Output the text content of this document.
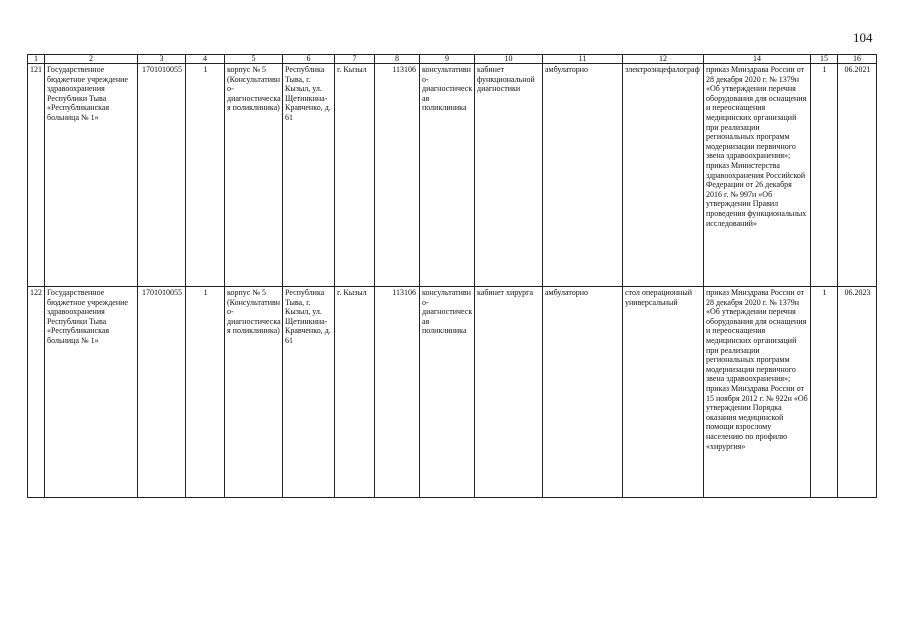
104
1	2	3	4	5	6	7	8	9	10	11	12	14	15	16
121	Государственное бюджетное учреждение здравоохранения Республики Тыва «Республиканская больница № 1»	1701010055	1	корпус № 5 (Консультативно-диагностическая поликлиника)	Республика Тыва, г. Кызыл, ул. Щетинкина-Кравченко, д. 61	г. Кызыл	113106	консультативно-диагностическая поликлиника	кабинет функциональной диагностики	амбулаторно	электроэнцефалограф	приказ Минздрава России от 28 декабря 2020 г. № 1379н «Об утверждении перечня оборудования для оснащения и переоснащения медицинских организаций при реализации региональных программ модернизации первичного звена здравоохранения»; приказ Министерства здравоохранения Российской Федерации от 26 декабря 2016 г. № 997н «Об утверждении Правил проведения функциональных исследований»	1	06.2021
122	Государственное бюджетное учреждение здравоохранения Республики Тыва «Республиканская больница № 1»	1701010055	1	корпус № 5 (Консультативно-диагностическая поликлиника)	Республика Тыва, г. Кызыл, ул. Щетинкина-Кравченко, д. 61	г. Кызыл	113106	консультативно-диагностическая поликлиника	кабинет хирурга	амбулаторно	стол операционный универсальный	приказ Минздрава России от 28 декабря 2020 г. № 1379н «Об утверждении перечня оборудования для оснащения и переоснащения медицинских организаций при реализации региональных программ модернизации первичного звена здравоохранения»; приказ Минздрава России от 15 ноября 2012 г. № 922н «Об утверждении Порядка оказания медицинской помощи взрослому населению по профилю «хирургия»	1	06.2023
